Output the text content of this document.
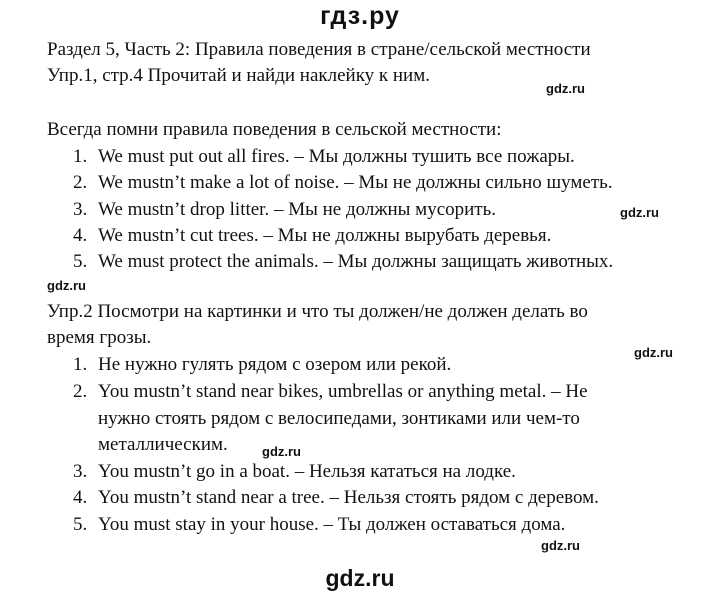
гдз.ру
Раздел 5, Часть 2: Правила поведения в стране/сельской местности
Упр.1, стр.4 Прочитай и найди наклейку к ним.
gdz.ru
Всегда помни правила поведения в сельской местности:
1. We must put out all fires. – Мы должны тушить все пожары.
2. We mustn’t make a lot of noise. – Мы не должны сильно шуметь.
3. We mustn’t drop litter. – Мы не должны мусорить.
4. We mustn’t cut trees. – Мы не должны вырубать деревья.
5. We must protect the animals. – Мы должны защищать животных.
gdz.ru
gdz.ru
Упр.2 Посмотри на картинки и что ты должен/не должен делать во
время грозы.
gdz.ru
1. Не нужно гулять рядом с озером или рекой.
2. You mustn’t stand near bikes, umbrellas or anything metal. – Не
нужно стоять рядом с велосипедами, зонтиками или чем-то
металлическим.
3. You mustn’t go in a boat. – Нельзя кататься на лодке.
4. You mustn’t stand near a tree. – Нельзя стоять рядом с деревом.
5. You must stay in your house. – Ты должен оставаться дома.
gdz.ru
gdz.ru
gdz.ru
